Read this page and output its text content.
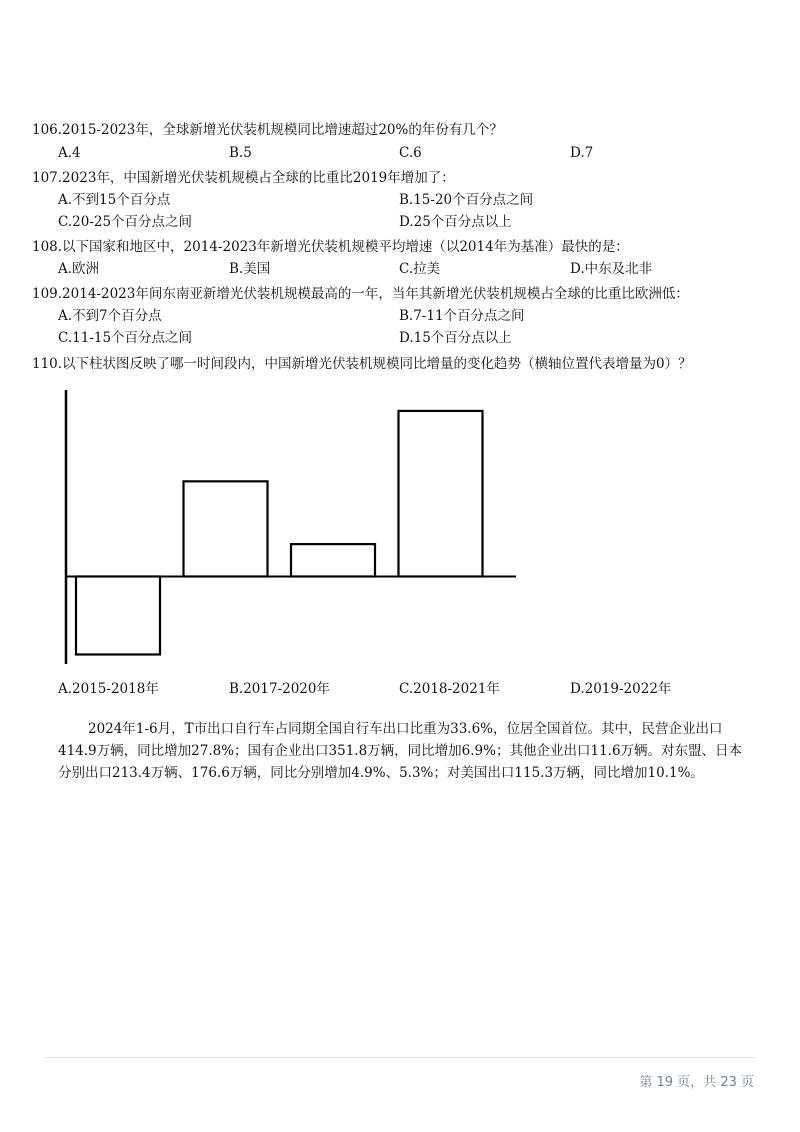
106.2015-2023年，全球新增光伏装机规模同比增速超过20%的年份有几个？
A.4	B.5	C.6	D.7
107.2023年，中国新增光伏装机规模占全球的比重比2019年增加了：
A.不到15个百分点	B.15-20个百分点之间
C.20-25个百分点之间	D.25个百分点以上
108.以下国家和地区中，2014-2023年新增光伏装机规模平均增速（以2014年为基准）最快的是：
A.欧洲	B.美国	C.拉美	D.中东及北非
109.2014-2023年间东南亚新增光伏装机规模最高的一年，当年其新增光伏装机规模占全球的比重比欧洲低：
A.不到7个百分点	B.7-11个百分点之间
C.11-15个百分点之间	D.15个百分点以上
110.以下柱状图反映了哪一时间段内，中国新增光伏装机规模同比增量的变化趋势（横轴位置代表增量为0）？
A.2015-2018年	B.2017-2020年	C.2018-2021年	D.2019-2022年
2024年1-6月，T市出口自行车占同期全国自行车出口比重为33.6%，位居全国首位。其中，民营企业出口
414.9万辆，同比增加27.8%；国有企业出口351.8万辆，同比增加6.9%；其他企业出口11.6万辆。对东盟、日本
分别出口213.4万辆、176.6万辆，同比分别增加4.9%、5.3%；对美国出口115.3万辆，同比增加10.1%。
第 19 页，共 23 页
